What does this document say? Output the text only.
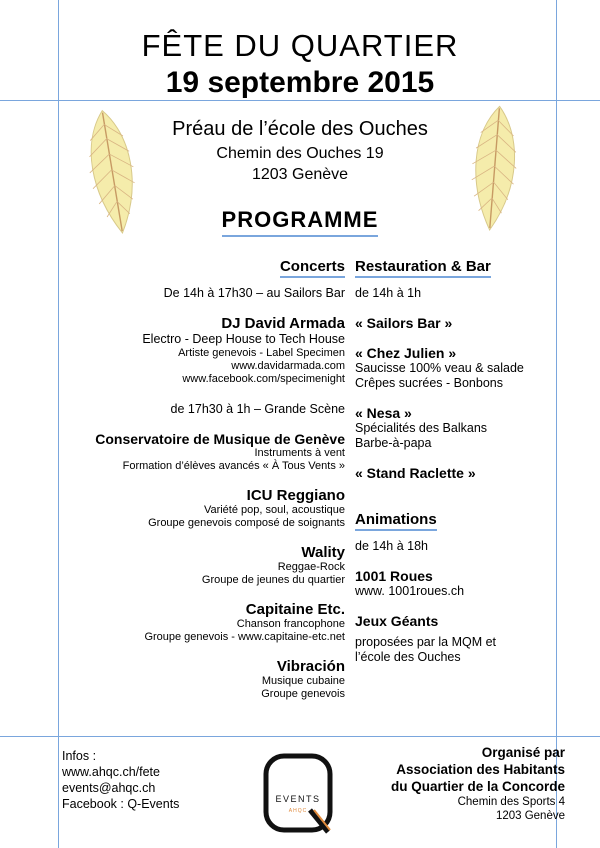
FÊTE DU QUARTIER
19 septembre 2015
Préau de l’école des Ouches
Chemin des Ouches 19
1203 Genève
PROGRAMME
Concerts
De 14h à 17h30 – au Sailors Bar
DJ David Armada
Electro - Deep House to Tech House
Artiste genevois - Label Specimen
www.davidarmada.com
www.facebook.com/specimenight
de 17h30 à 1h – Grande Scène
Conservatoire de Musique de Genève
Instruments à vent
Formation d’élèves avancés « À Tous Vents »
ICU Reggiano
Variété pop, soul, acoustique
Groupe genevois composé de soignants
Wality
Reggae-Rock
Groupe de jeunes du quartier
Capitaine Etc.
Chanson francophone
Groupe genevois - www.capitaine-etc.net
Vibración
Musique cubaine
Groupe genevois
Restauration & Bar
de 14h à 1h
« Sailors Bar »
« Chez Julien »
Saucisse 100% veau & salade
Crêpes sucrées - Bonbons
« Nesa »
Spécialités des Balkans
Barbe-à-papa
« Stand Raclette »
Animations
de 14h à 18h
1001 Roues
www. 1001roues.ch
Jeux Géants
proposées par la MQM et
l’école des Ouches
Infos :
www.ahqc.ch/fete
events@ahqc.ch
Facebook : Q-Events	EVENTS
AHQC
Organisé par
Association des Habitants
du Quartier de la Concorde
Chemin des Sports 4
1203 Genève
